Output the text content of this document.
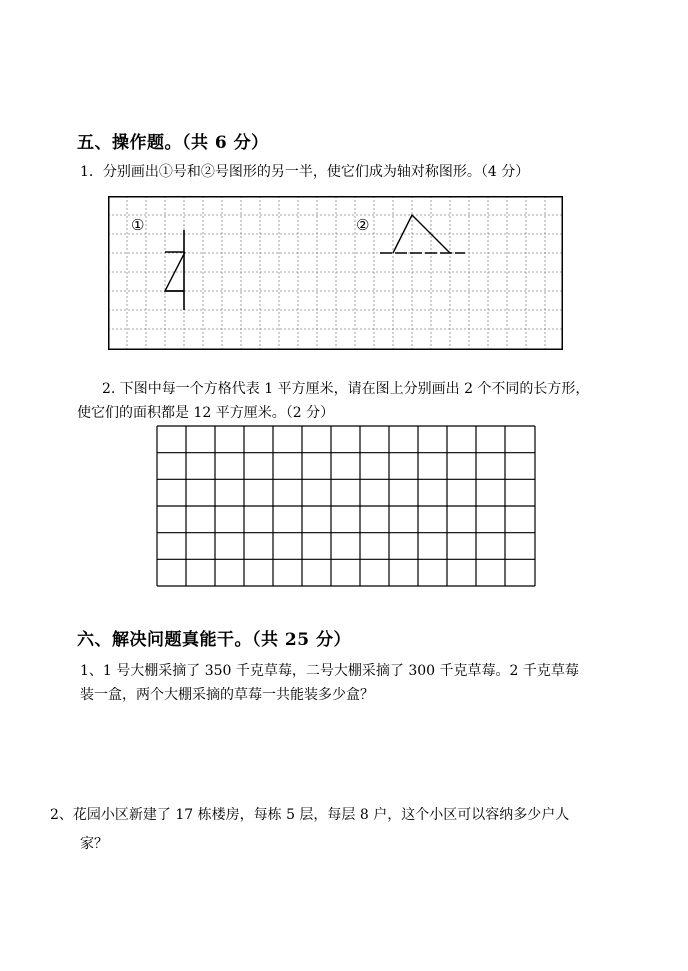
五、操作题。（共 6 分）
1．分别画出①号和②号图形的另一半，使它们成为轴对称图形。（4 分）
①	②
2. 下图中每一个方格代表 1 平方厘米，请在图上分别画出 2 个不同的长方形，
使它们的面积都是 12 平方厘米。（2 分）
六、解决问题真能干。（共 25 分）
1、1 号大棚采摘了 350 千克草莓，二号大棚采摘了 300 千克草莓。2 千克草莓
装一盒，两个大棚采摘的草莓一共能装多少盒？
2、花园小区新建了 17 栋楼房，每栋 5 层，每层 8 户，这个小区可以容纳多少户人
家？
